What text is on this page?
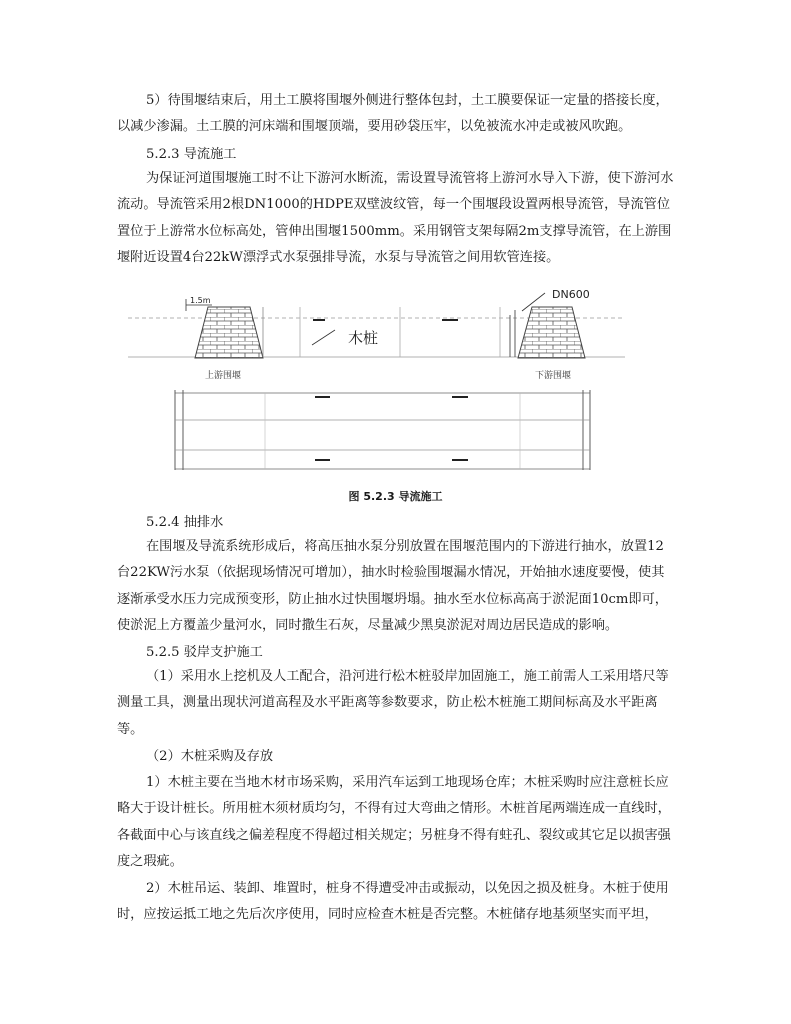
5）待围堰结束后，用土工膜将围堰外侧进行整体包封，土工膜要保证一定量的搭接长度，以减少渗漏。土工膜的河床端和围堰顶端，要用砂袋压牢，以免被流水冲走或被风吹跑。

5.2.3 导流施工

为保证河道围堰施工时不让下游河水断流，需设置导流管将上游河水导入下游，使下游河水流动。导流管采用2根DN1000的HDPE双壁波纹管，每一个围堰段设置两根导流管，导流管位置位于上游常水位标高处，管伸出围堰1500mm。采用钢管支架每隔2m支撑导流管，在上游围堰附近设置4台22kW漂浮式水泵强排导流，水泵与导流管之间用软管连接。

1.5m
木桩
DN600
上游围堰	下游围堰
图 5.2.3 导流施工

5.2.4 抽排水

在围堰及导流系统形成后，将高压抽水泵分别放置在围堰范围内的下游进行抽水，放置12台22KW污水泵（依据现场情况可增加），抽水时检验围堰漏水情况，开始抽水速度要慢，使其逐渐承受水压力完成预变形，防止抽水过快围堰坍塌。抽水至水位标高高于淤泥面10cm即可，使淤泥上方覆盖少量河水，同时撒生石灰，尽量减少黑臭淤泥对周边居民造成的影响。

5.2.5 驳岸支护施工

（1）采用水上挖机及人工配合，沿河进行松木桩驳岸加固施工，施工前需人工采用塔尺等测量工具，测量出现状河道高程及水平距离等参数要求，防止松木桩施工期间标高及水平距离等。

（2）木桩采购及存放

1）木桩主要在当地木材市场采购，采用汽车运到工地现场仓库；木桩采购时应注意桩长应略大于设计桩长。所用桩木须材质均匀，不得有过大弯曲之情形。木桩首尾两端连成一直线时，各截面中心与该直线之偏差程度不得超过相关规定；另桩身不得有蛀孔、裂纹或其它足以损害强度之瑕疵。

2）木桩吊运、装卸、堆置时，桩身不得遭受冲击或振动，以免因之损及桩身。木桩于使用时，应按运抵工地之先后次序使用，同时应检查木桩是否完整。木桩储存地基须坚实而平坦，
